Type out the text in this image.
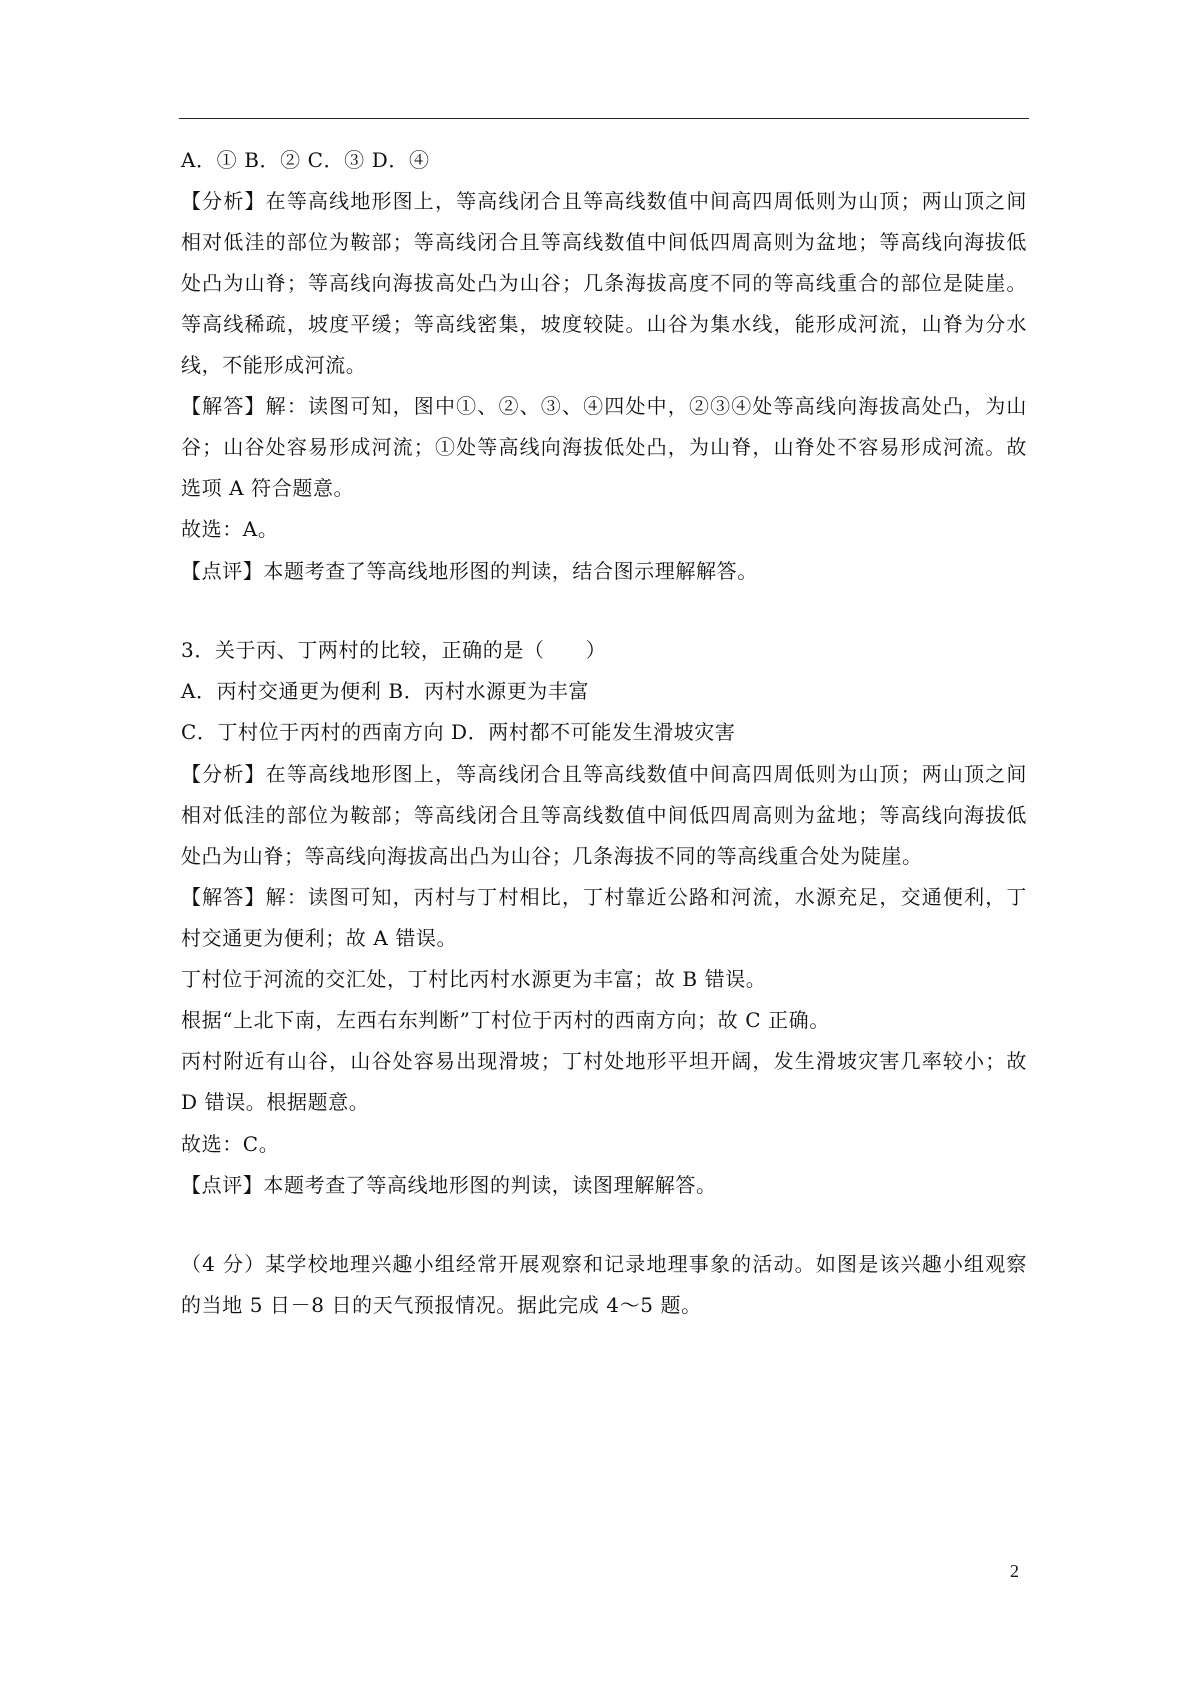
A．① B．② C．③ D．④
【分析】在等高线地形图上，等高线闭合且等高线数值中间高四周低则为山顶；两山顶之间
相对低洼的部位为鞍部；等高线闭合且等高线数值中间低四周高则为盆地；等高线向海拔低
处凸为山脊；等高线向海拔高处凸为山谷；几条海拔高度不同的等高线重合的部位是陡崖。
等高线稀疏，坡度平缓；等高线密集，坡度较陡。山谷为集水线，能形成河流，山脊为分水
线，不能形成河流。
【解答】解：读图可知，图中①、②、③、④四处中，②③④处等高线向海拔高处凸，为山
谷；山谷处容易形成河流；①处等高线向海拔低处凸，为山脊，山脊处不容易形成河流。故
选项 A 符合题意。
故选：A。
【点评】本题考查了等高线地形图的判读，结合图示理解解答。
3．关于丙、丁两村的比较，正确的是（　　）
A．丙村交通更为便利 B．丙村水源更为丰富
C．丁村位于丙村的西南方向 D．两村都不可能发生滑坡灾害
【分析】在等高线地形图上，等高线闭合且等高线数值中间高四周低则为山顶；两山顶之间
相对低洼的部位为鞍部；等高线闭合且等高线数值中间低四周高则为盆地；等高线向海拔低
处凸为山脊；等高线向海拔高出凸为山谷；几条海拔不同的等高线重合处为陡崖。
【解答】解：读图可知，丙村与丁村相比，丁村靠近公路和河流，水源充足，交通便利，丁
村交通更为便利；故 A 错误。
丁村位于河流的交汇处，丁村比丙村水源更为丰富；故 B 错误。
根据“上北下南，左西右东判断”丁村位于丙村的西南方向；故 C 正确。
丙村附近有山谷，山谷处容易出现滑坡；丁村处地形平坦开阔，发生滑坡灾害几率较小；故
D 错误。根据题意。
故选：C。
【点评】本题考查了等高线地形图的判读，读图理解解答。
（4 分）某学校地理兴趣小组经常开展观察和记录地理事象的活动。如图是该兴趣小组观察
的当地 5 日－8 日的天气预报情况。据此完成 4～5 题。
2
